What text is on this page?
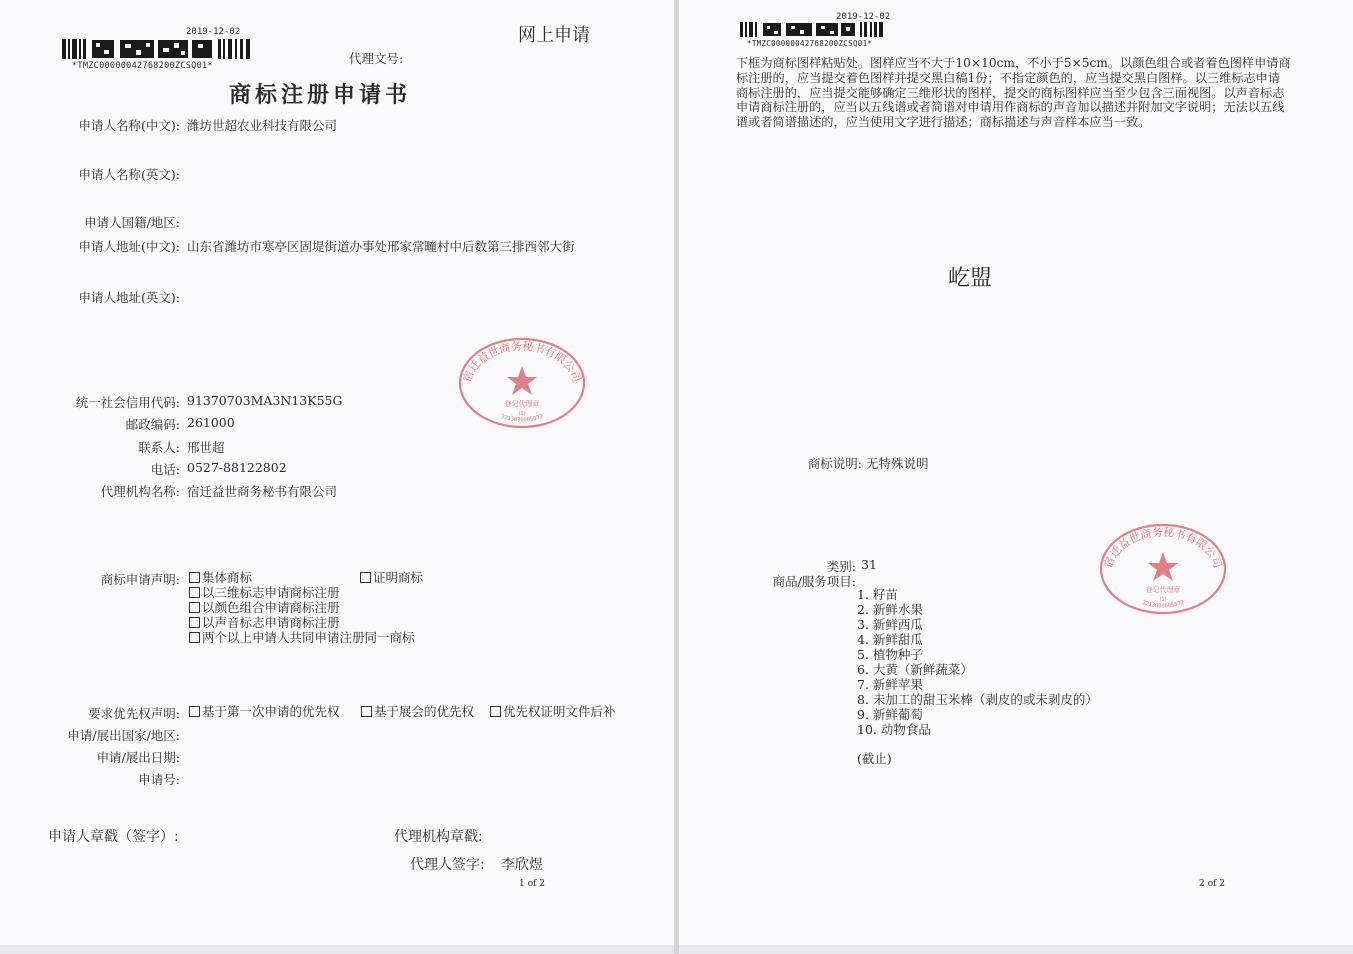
2019-12-02
*TMZC00000042768200ZCSQ01*
网上申请
代理文号:
商标注册申请书
申请人名称(中文): 潍坊世超农业科技有限公司
申请人名称(英文):
申请人国籍/地区:
申请人地址(中文): 山东省潍坊市寒亭区固堤街道办事处邢家常疃村中后数第三排西邻大街
申请人地址(英文):
统一社会信用代码: 91370703MA3N13K55G
邮政编码: 261000
联系人: 邢世超
电话: 0527-88122802
代理机构名称: 宿迁益世商务秘书有限公司
商标申请声明:	集体商标	证明商标
以三维标志申请商标注册
以颜色组合申请商标注册
以声音标志申请商标注册
两个以上申请人共同申请注册同一商标
要求优先权声明:	基于第一次申请的优先权	基于展会的优先权	优先权证明文件后补
申请/展出国家/地区:
申请/展出日期:
申请号:
申请人章戳（签字）:	代理机构章戳:
代理人签字: 李欣煜
1 of 2
宿迁益世商务秘书有限公司
登记代理章
(1)
3213000005872
2019-12-02
*TMZC00000042768200ZCSQ01*
下框为商标图样粘贴处。图样应当不大于10×10cm，不小于5×5cm。以颜色组合或者着色图样申请商标注册的，应当提交着色图样并提交黑白稿1份；不指定颜色的，应当提交黑白图样。以三维标志申请商标注册的，应当提交能够确定三维形状的图样，提交的商标图样应当至少包含三面视图。以声音标志申请商标注册的，应当以五线谱或者简谱对申请用作商标的声音加以描述并附加文字说明；无法以五线谱或者简谱描述的，应当使用文字进行描述；商标描述与声音样本应当一致。
屹盟
商标说明: 无特殊说明
类别: 31
商品/服务项目:
1. 籽苗
2. 新鲜水果
3. 新鲜西瓜
4. 新鲜甜瓜
5. 植物种子
6. 大黄（新鲜蔬菜）
7. 新鲜苹果
8. 未加工的甜玉米棒（剥皮的或未剥皮的）
9. 新鲜葡萄
10. 动物食品
(截止)
2 of 2
宿迁益世商务秘书有限公司
登记代理章
(1)
3213000005872
